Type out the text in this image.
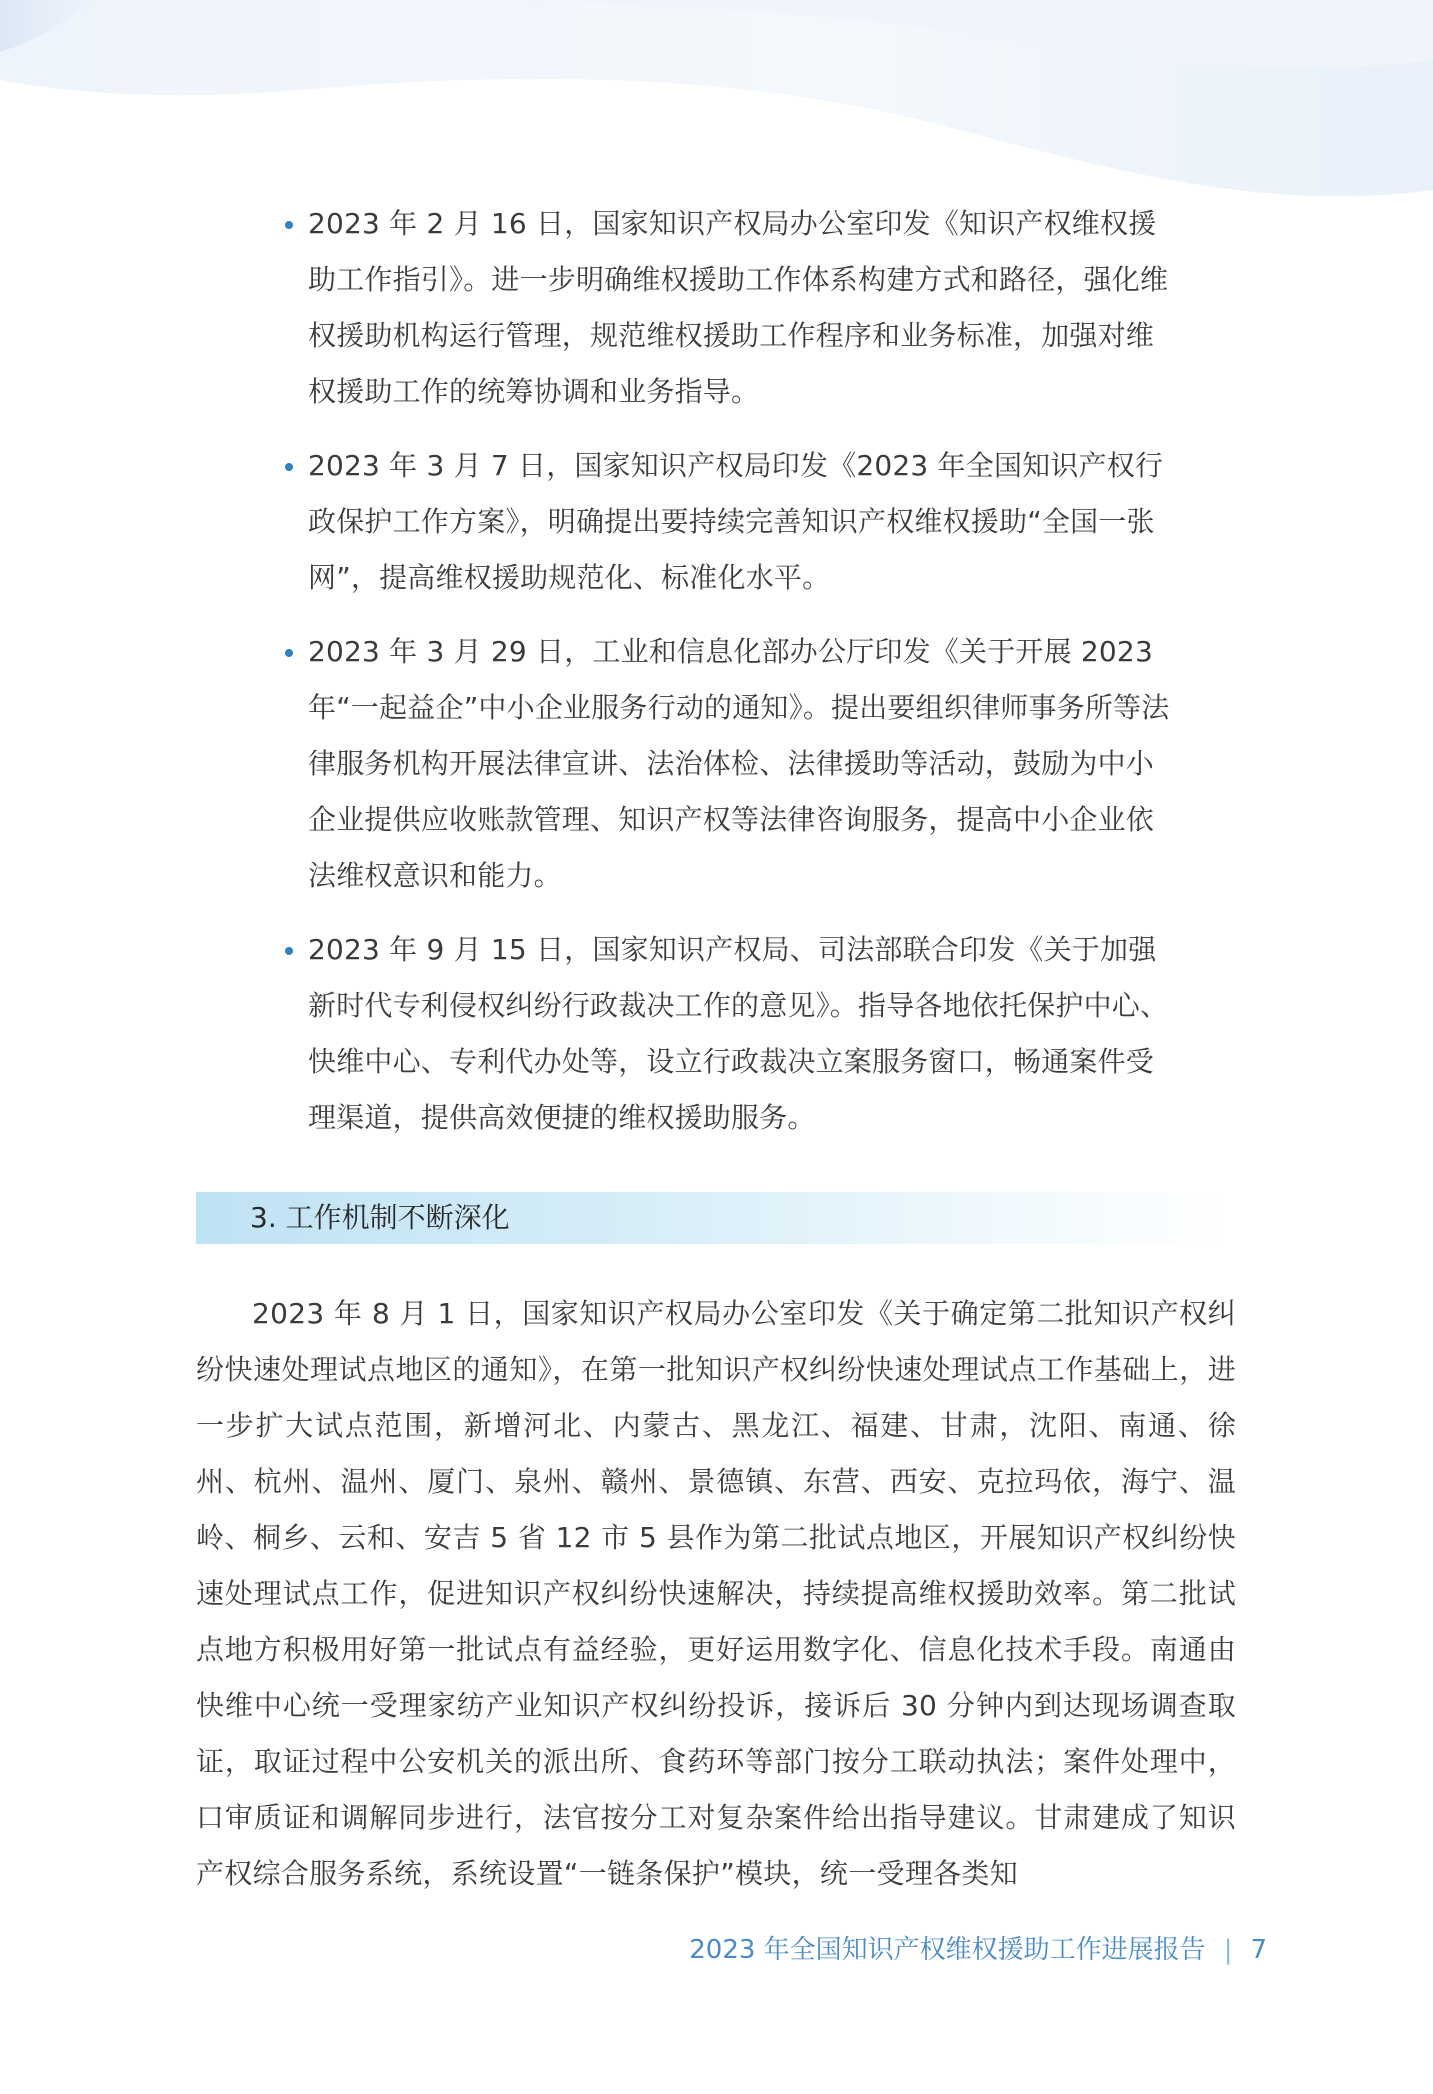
2023 年 2 月 16 日，国家知识产权局办公室印发《知识产权维权援助工作指引》。进一步明确维权援助工作体系构建方式和路径，强化维权援助机构运行管理，规范维权援助工作程序和业务标准，加强对维权援助工作的统筹协调和业务指导。
2023 年 3 月 7 日，国家知识产权局印发《2023 年全国知识产权行政保护工作方案》，明确提出要持续完善知识产权维权援助“全国一张网”，提高维权援助规范化、标准化水平。
2023 年 3 月 29 日，工业和信息化部办公厅印发《关于开展 2023 年“一起益企”中小企业服务行动的通知》。提出要组织律师事务所等法律服务机构开展法律宣讲、法治体检、法律援助等活动，鼓励为中小企业提供应收账款管理、知识产权等法律咨询服务，提高中小企业依法维权意识和能力。
2023 年 9 月 15 日，国家知识产权局、司法部联合印发《关于加强新时代专利侵权纠纷行政裁决工作的意见》。指导各地依托保护中心、快维中心、专利代办处等，设立行政裁决立案服务窗口，畅通案件受理渠道，提供高效便捷的维权援助服务。
3. 工作机制不断深化

2023 年 8 月 1 日，国家知识产权局办公室印发《关于确定第二批知识产权纠纷快速处理试点地区的通知》，在第一批知识产权纠纷快速处理试点工作基础上，进一步扩大试点范围，新增河北、内蒙古、黑龙江、福建、甘肃，沈阳、南通、徐州、杭州、温州、厦门、泉州、赣州、景德镇、东营、西安、克拉玛依，海宁、温岭、桐乡、云和、安吉 5 省 12 市 5 县作为第二批试点地区，开展知识产权纠纷快速处理试点工作，促进知识产权纠纷快速解决，持续提高维权援助效率。第二批试点地方积极用好第一批试点有益经验，更好运用数字化、信息化技术手段。南通由快维中心统一受理家纺产业知识产权纠纷投诉，接诉后 30 分钟内到达现场调查取证，取证过程中公安机关的派出所、食药环等部门按分工联动执法；案件处理中，口审质证和调解同步进行，法官按分工对复杂案件给出指导建议。甘肃建成了知识产权综合服务系统，系统设置“一链条保护”模块，统一受理各类知

2023 年全国知识产权维权援助工作进展报告 | 7
